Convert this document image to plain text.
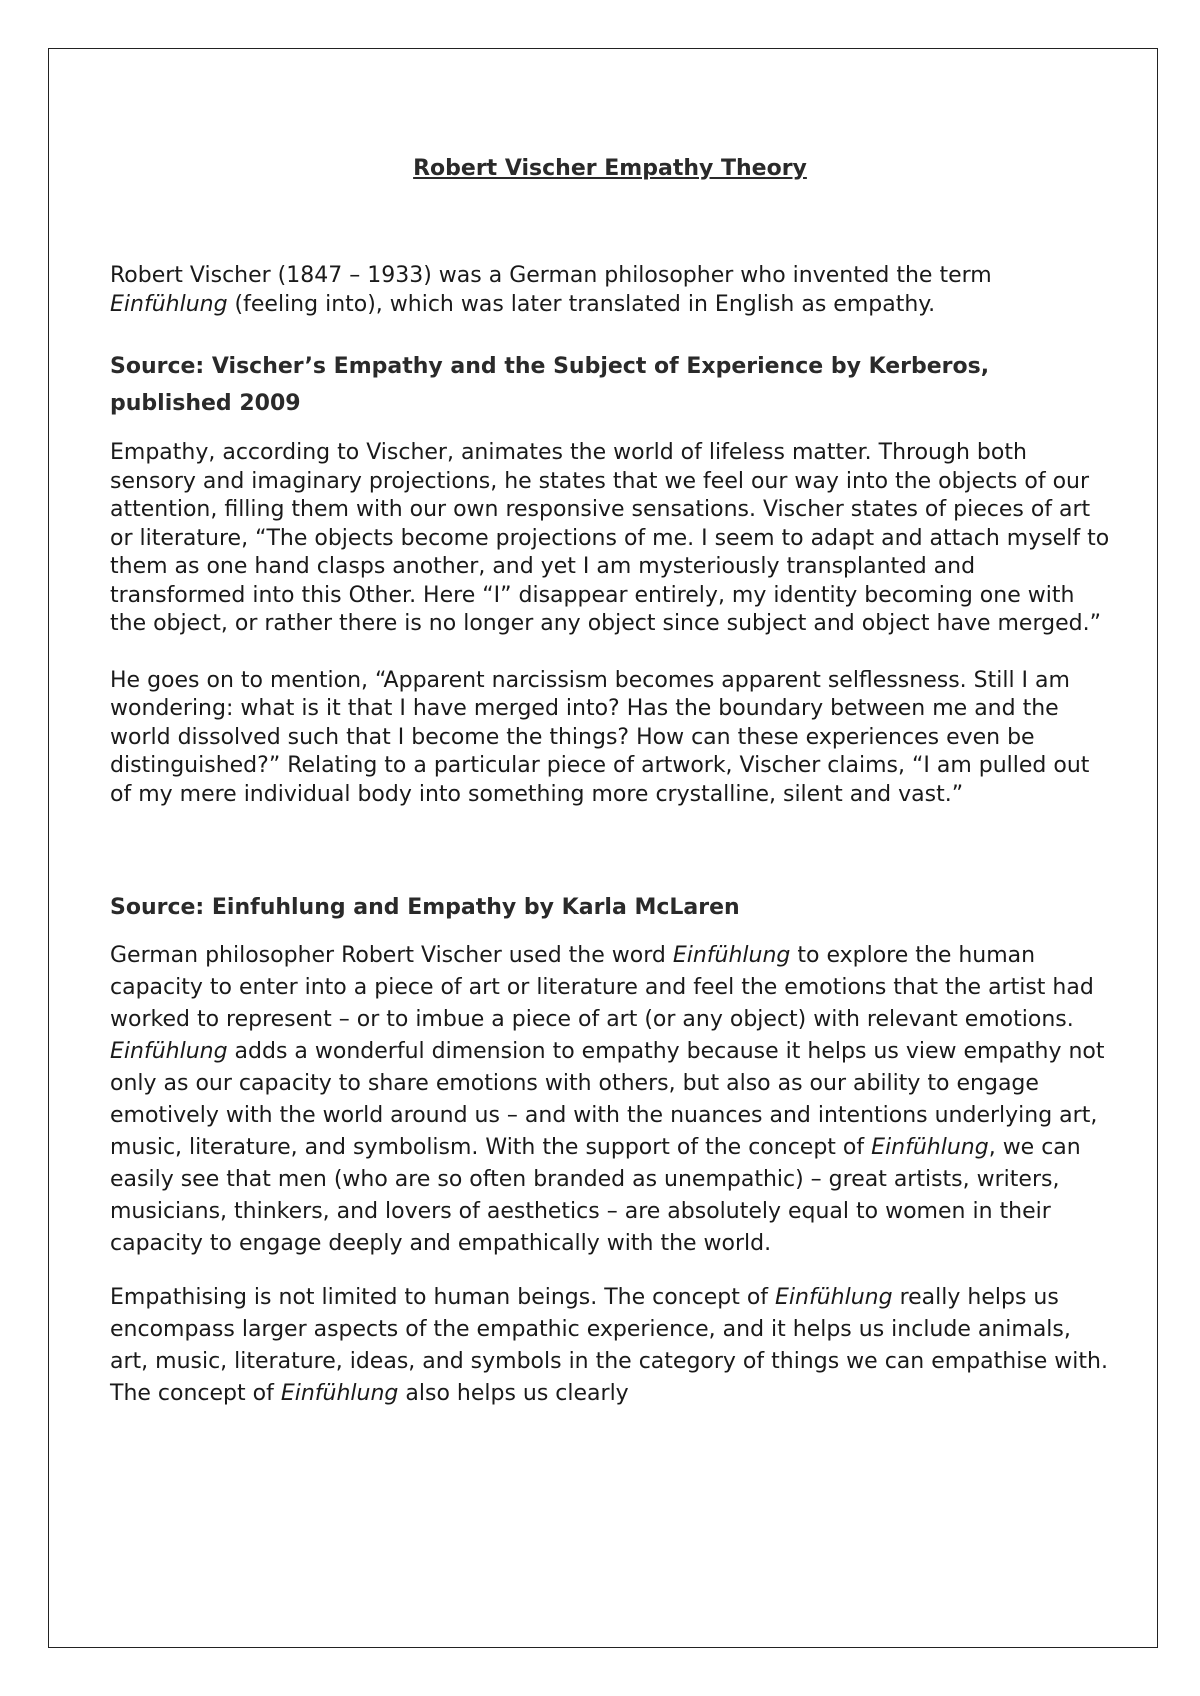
Robert Vischer Empathy Theory

Robert Vischer (1847 – 1933) was a German philosopher who invented the term Einfühlung (feeling into), which was later translated in English as empathy.

Source: Vischer’s Empathy and the Subject of Experience by Kerberos,
published 2009

Empathy, according to Vischer, animates the world of lifeless matter. Through both sensory and imaginary projections, he states that we feel our way into the objects of our attention, filling them with our own responsive sensations. Vischer states of pieces of art or literature, “The objects become projections of me. I seem to adapt and attach myself to them as one hand clasps another, and yet I am mysteriously transplanted and transformed into this Other. Here “I” disappear entirely, my identity becoming one with the object, or rather there is no longer any object since subject and object have merged.”

He goes on to mention, “Apparent narcissism becomes apparent selflessness. Still I am wondering: what is it that I have merged into? Has the boundary between me and the world dissolved such that I become the things? How can these experiences even be distinguished?” Relating to a particular piece of artwork, Vischer claims, “I am pulled out of my mere individual body into something more crystalline, silent and vast.”

Source: Einfuhlung and Empathy by Karla McLaren

German philosopher Robert Vischer used the word Einfühlung to explore the human capacity to enter into a piece of art or literature and feel the emotions that the artist had worked to represent – or to imbue a piece of art (or any object) with relevant emotions. Einfühlung adds a wonderful dimension to empathy because it helps us view empathy not only as our capacity to share emotions with others, but also as our ability to engage emotively with the world around us – and with the nuances and intentions underlying art, music, literature, and symbolism. With the support of the concept of Einfühlung, we can easily see that men (who are so often branded as unempathic) – great artists, writers, musicians, thinkers, and lovers of aesthetics – are absolutely equal to women in their capacity to engage deeply and empathically with the world.

Empathising is not limited to human beings. The concept of Einfühlung really helps us encompass larger aspects of the empathic experience, and it helps us include animals, art, music, literature, ideas, and symbols in the category of things we can empathise with. The concept of Einfühlung also helps us clearly
